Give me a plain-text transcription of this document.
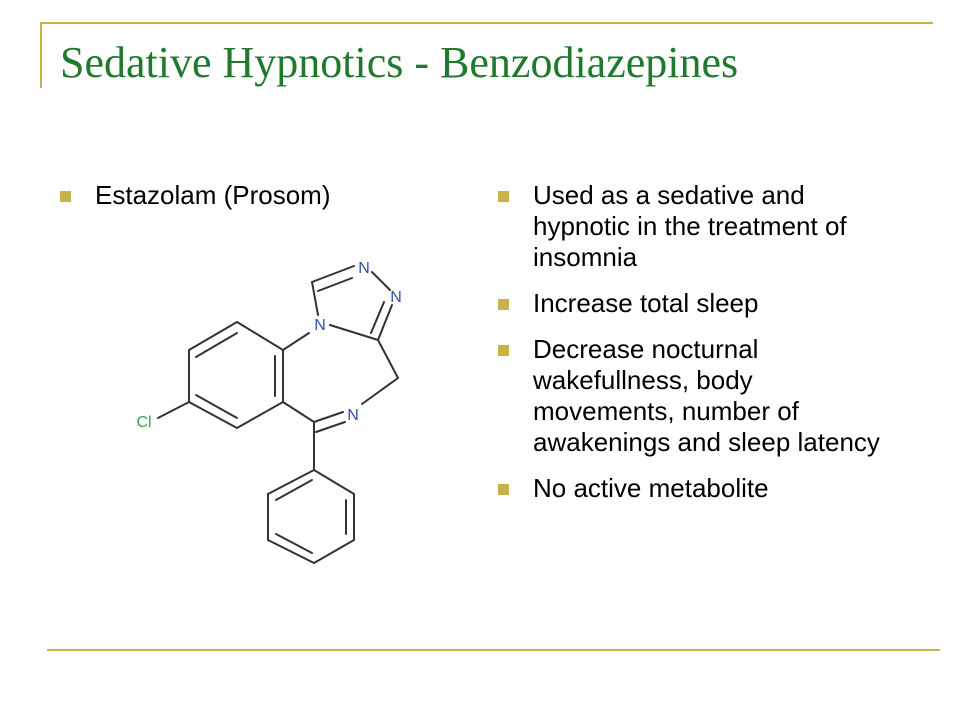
Sedative Hypnotics - Benzodiazepines
Estazolam (Prosom)
N
N
N
N
Cl
Used as a sedative and hypnotic in the treatment of insomnia
Increase total sleep
Decrease nocturnal wakefullness, body movements, number of awakenings and sleep latency
No active metabolite
